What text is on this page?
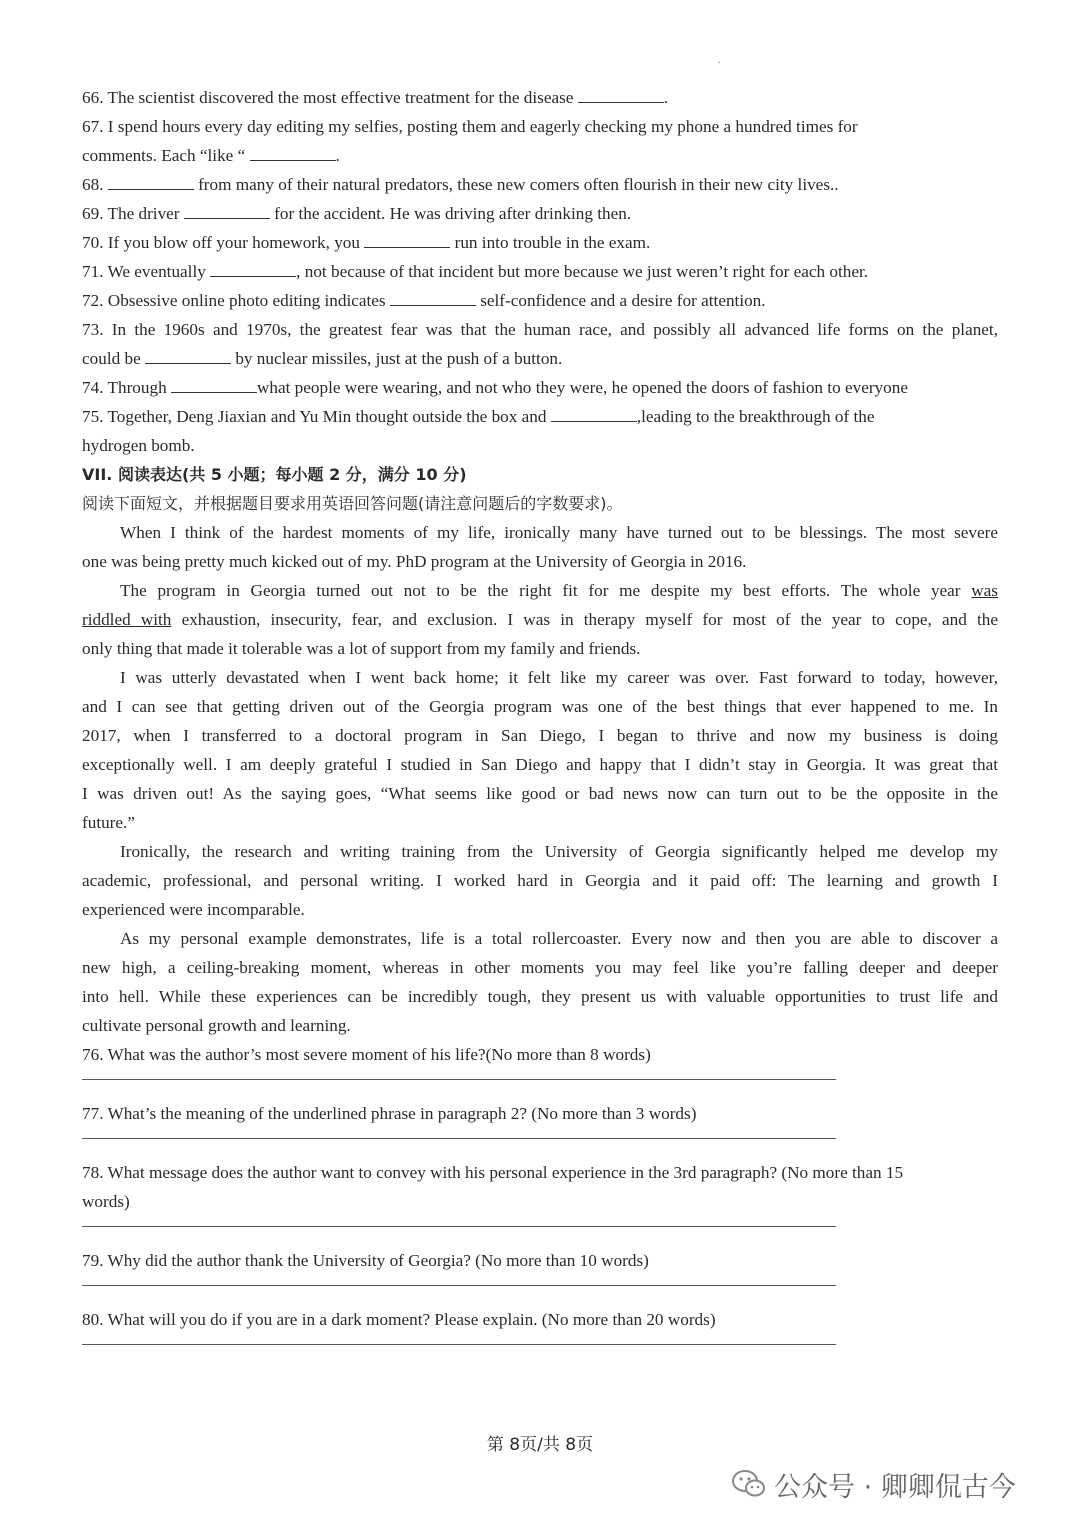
.
66. The scientist discovered the most effective treatment for the disease	.
67. I spend hours every day editing my selfies, posting them and eagerly checking my phone a hundred times for
comments. Each “like “	.
68.	from many of their natural predators, these new comers often flourish in their new city lives..
69. The driver	for the accident. He was driving after drinking then.
70. If you blow off your homework, you	run into trouble in the exam.
71. We eventually	, not because of that incident but more because we just weren’t right for each other.
72. Obsessive online photo editing indicates	self-confidence and a desire for attention.
73. In the 1960s and 1970s, the greatest fear was that the human race, and possibly all advanced life forms on the planet,
could be	by nuclear missiles, just at the push of a button.
74. Through	what people were wearing, and not who they were, he opened the doors of fashion to everyone
75. Together, Deng Jiaxian and Yu Min thought outside the box and	,leading to the breakthrough of the
hydrogen bomb.
VII. 阅读表达(共 5 小题；每小题 2 分，满分 10 分)
阅读下面短文，并根据题目要求用英语回答问题(请注意问题后的字数要求)。
When I think of the hardest moments of my life, ironically many have turned out to be blessings. The most severe
one was being pretty much kicked out of my. PhD program at the University of Georgia in 2016.
The program in Georgia turned out not to be the right fit for me despite my best efforts. The whole year was
riddled with exhaustion, insecurity, fear, and exclusion. I was in therapy myself for most of the year to cope, and the
only thing that made it tolerable was a lot of support from my family and friends.
I was utterly devastated when I went back home; it felt like my career was over. Fast forward to today, however,
and I can see that getting driven out of the Georgia program was one of the best things that ever happened to me. In
2017, when I transferred to a doctoral program in San Diego, I began to thrive and now my business is doing
exceptionally well. I am deeply grateful I studied in San Diego and happy that I didn’t stay in Georgia. It was great that
I was driven out! As the saying goes, “What seems like good or bad news now can turn out to be the opposite in the
future.”
Ironically, the research and writing training from the University of Georgia significantly helped me develop my
academic, professional, and personal writing. I worked hard in Georgia and it paid off: The learning and growth I
experienced were incomparable.
As my personal example demonstrates, life is a total rollercoaster. Every now and then you are able to discover a
new high, a ceiling-breaking moment, whereas in other moments you may feel like you’re falling deeper and deeper
into hell. While these experiences can be incredibly tough, they present us with valuable opportunities to trust life and
cultivate personal growth and learning.
76. What was the author’s most severe moment of his life?(No more than 8 words)
77. What’s the meaning of the underlined phrase in paragraph 2? (No more than 3 words)
78. What message does the author want to convey with his personal experience in the 3rd paragraph? (No more than 15
words)
79. Why did the author thank the University of Georgia? (No more than 10 words)
80. What will you do if you are in a dark moment? Please explain. (No more than 20 words)
第 8页/共 8页
公众号 · 卿卿侃古今
